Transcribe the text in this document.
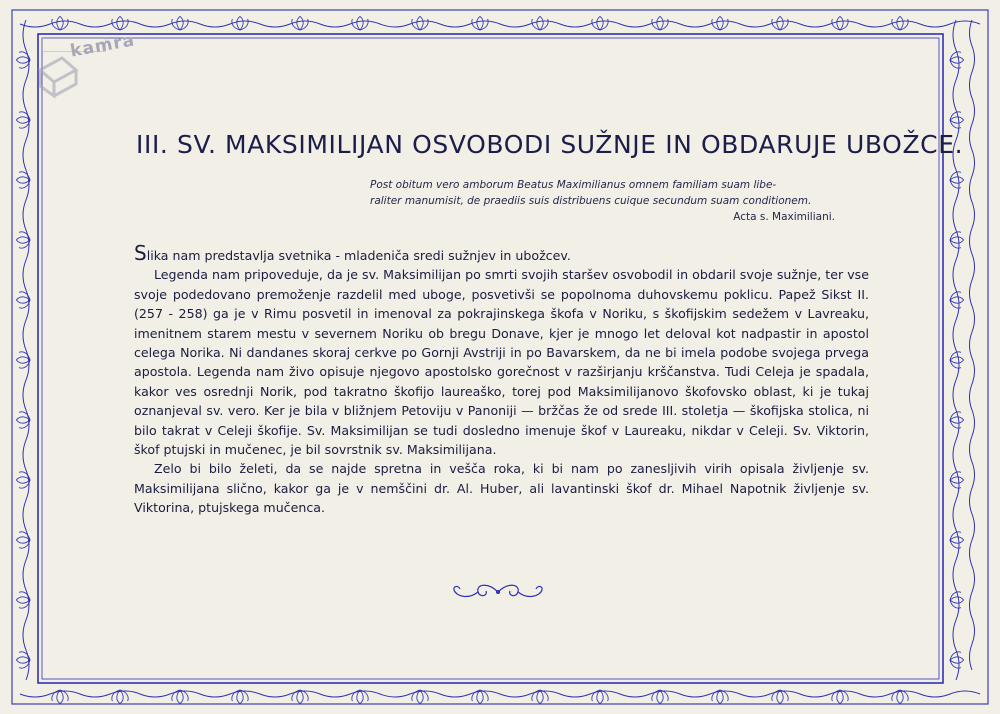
kamra
III. SV. MAKSIMILIJAN OSVOBODI SUŽNJE IN OBDARUJE UBOŽCE.
Post obitum vero amborum Beatus Maximilianus omnem familiam suam libe-
raliter manumisit, de praediis suis distribuens cuique secundum suam conditionem.
Acta s. Maximiliani.

Slika nam predstavlja svetnika - mladeniča sredi sužnjev in ubožcev.

Legenda nam pripoveduje, da je sv. Maksimilijan po smrti svojih staršev osvobodil in obdaril svoje sužnje, ter vse svoje podedovano premoženje razdelil med uboge, posvetivši se popolnoma duhovskemu poklicu. Papež Sikst II. (257 - 258) ga je v Rimu posvetil in imenoval za pokrajinskega škofa v Noriku, s škofijskim sedežem v Lavreaku, imenitnem starem mestu v severnem Noriku ob bregu Donave, kjer je mnogo let deloval kot nadpastir in apostol celega Norika. Ni dandanes skoraj cerkve po Gornji Avstriji in po Bavarskem, da ne bi imela podobe svojega prvega apostola. Legenda nam živo opisuje njegovo apostolsko gorečnost v razširjanju krščanstva. Tudi Celeja je spadala, kakor ves osrednji Norik, pod takratno škofijo laureaško, torej pod Maksimilijanovo škofovsko oblast, ki je tukaj oznanjeval sv. vero. Ker je bila v bližnjem Petoviju v Panoniji — bržčas že od srede III. stoletja — škofijska stolica, ni bilo takrat v Celeji škofije. Sv. Maksimilijan se tudi dosledno imenuje škof v Laureaku, nikdar v Celeji. Sv. Viktorin, škof ptujski in mučenec, je bil sovrstnik sv. Maksimilijana.

Zelo bi bilo želeti, da se najde spretna in vešča roka, ki bi nam po zanesljivih virih opisala življenje sv. Maksimilijana slično, kakor ga je v nemščini dr. Al. Huber, ali lavantinski škof dr. Mihael Napotnik življenje sv. Viktorina, ptujskega mučenca.
